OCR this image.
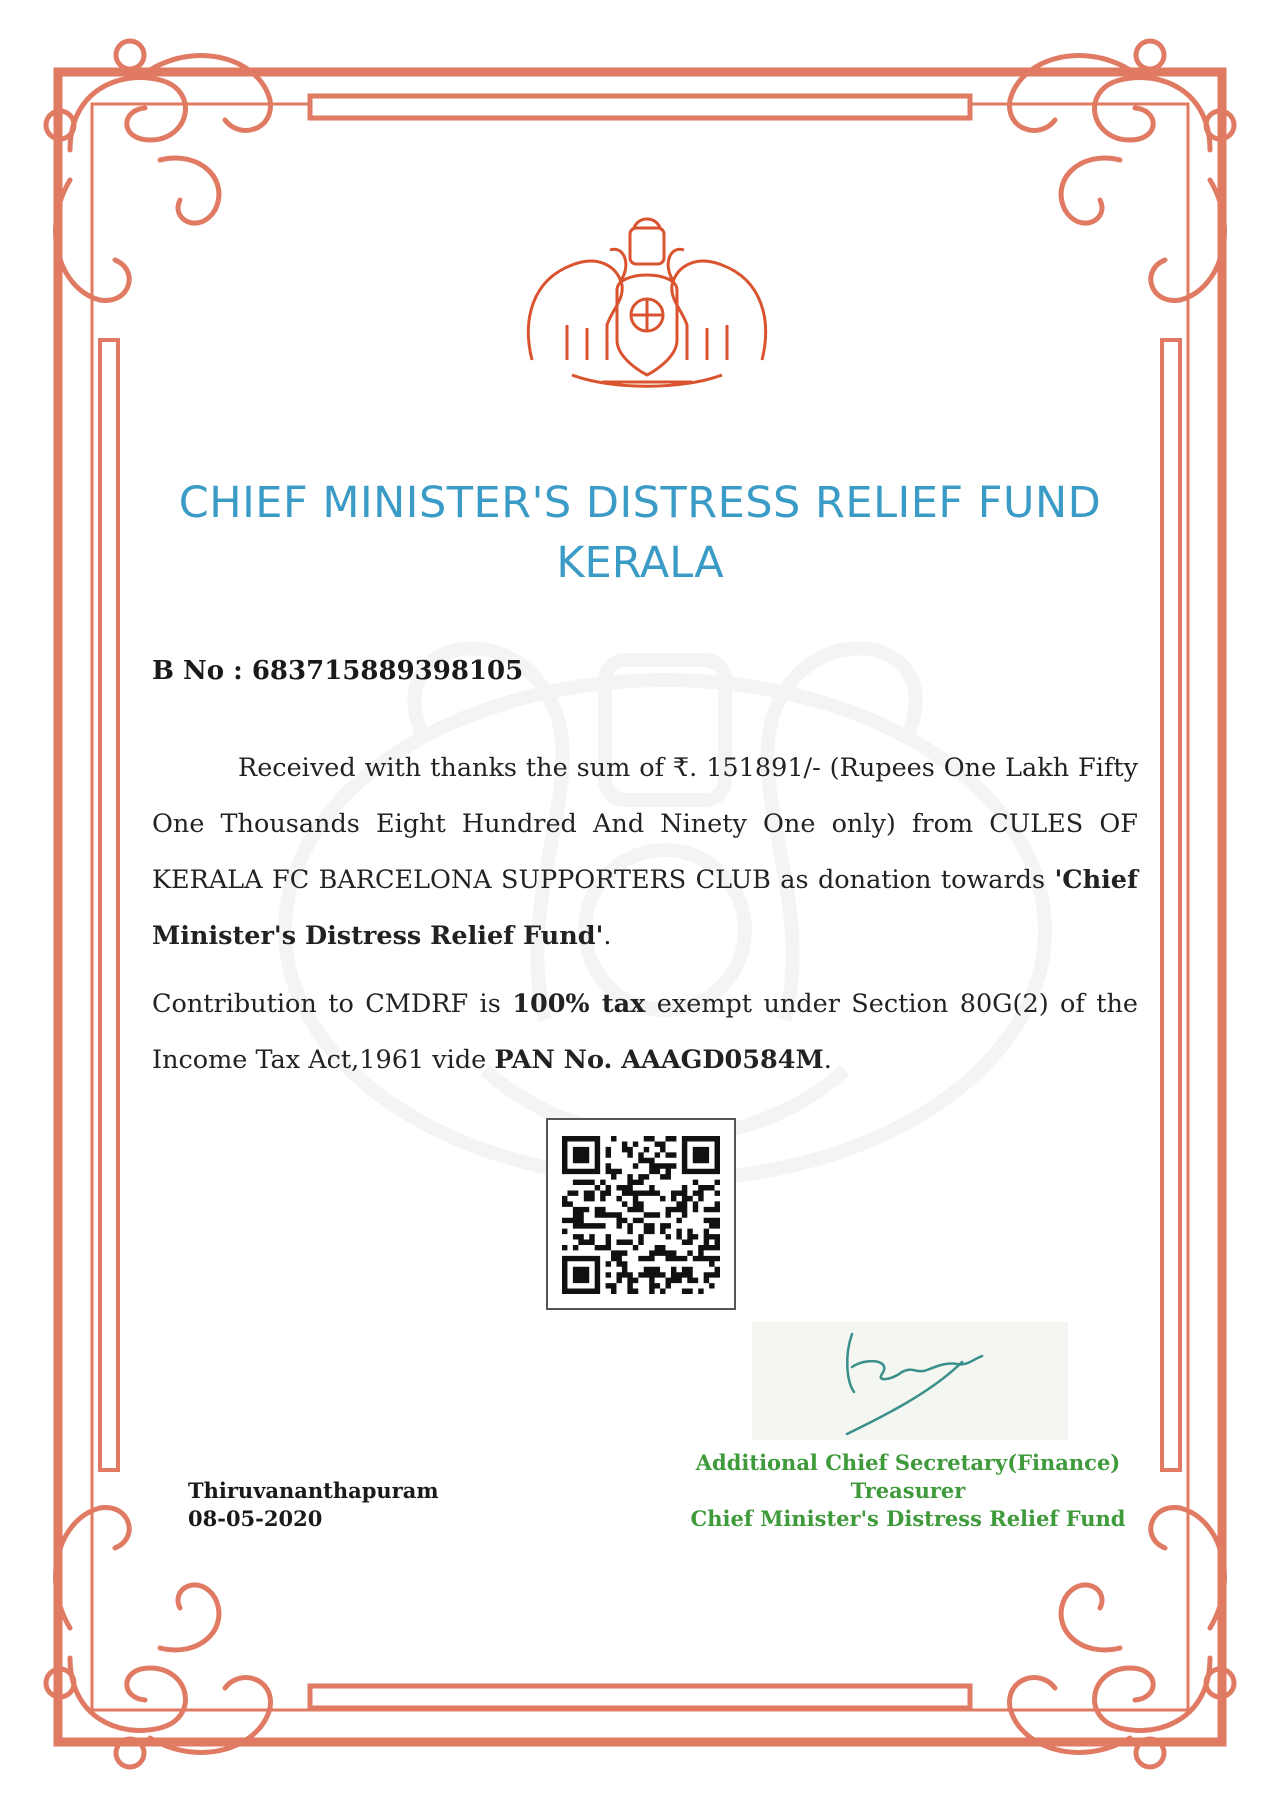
CHIEF MINISTER'S DISTRESS RELIEF FUND
KERALA
B No : 683715889398105
Received with thanks the sum of ₹. 151891/- (Rupees One Lakh Fifty One Thousands Eight Hundred And Ninety One only) from CULES OF KERALA FC BARCELONA SUPPORTERS CLUB as donation towards 'Chief Minister's Distress Relief Fund'.
Contribution to CMDRF is 100% tax exempt under Section 80G(2) of the Income Tax Act,1961 vide PAN No. AAAGD0584M.
Additional Chief Secretary(Finance)
Treasurer
Chief Minister's Distress Relief Fund
Thiruvananthapuram
08-05-2020
